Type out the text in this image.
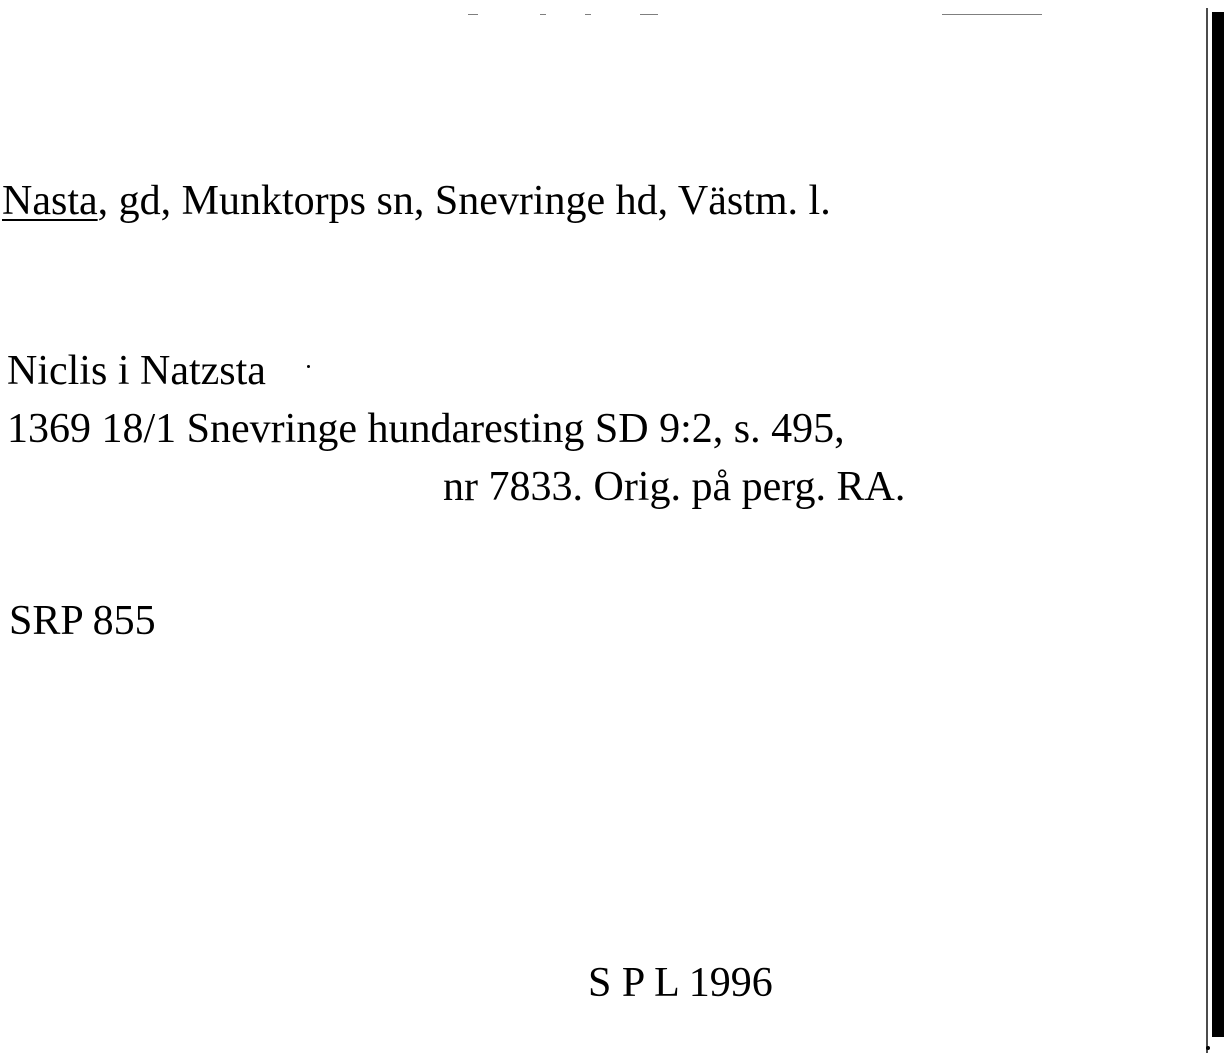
Nasta, gd, Munktorps sn, Snevringe hd, Västm. l.
Niclis i Natzsta
1369 18/1 Snevringe hundaresting SD 9:2, s. 495,
nr 7833. Orig. på perg. RA.
SRP 855
S P L 1996
